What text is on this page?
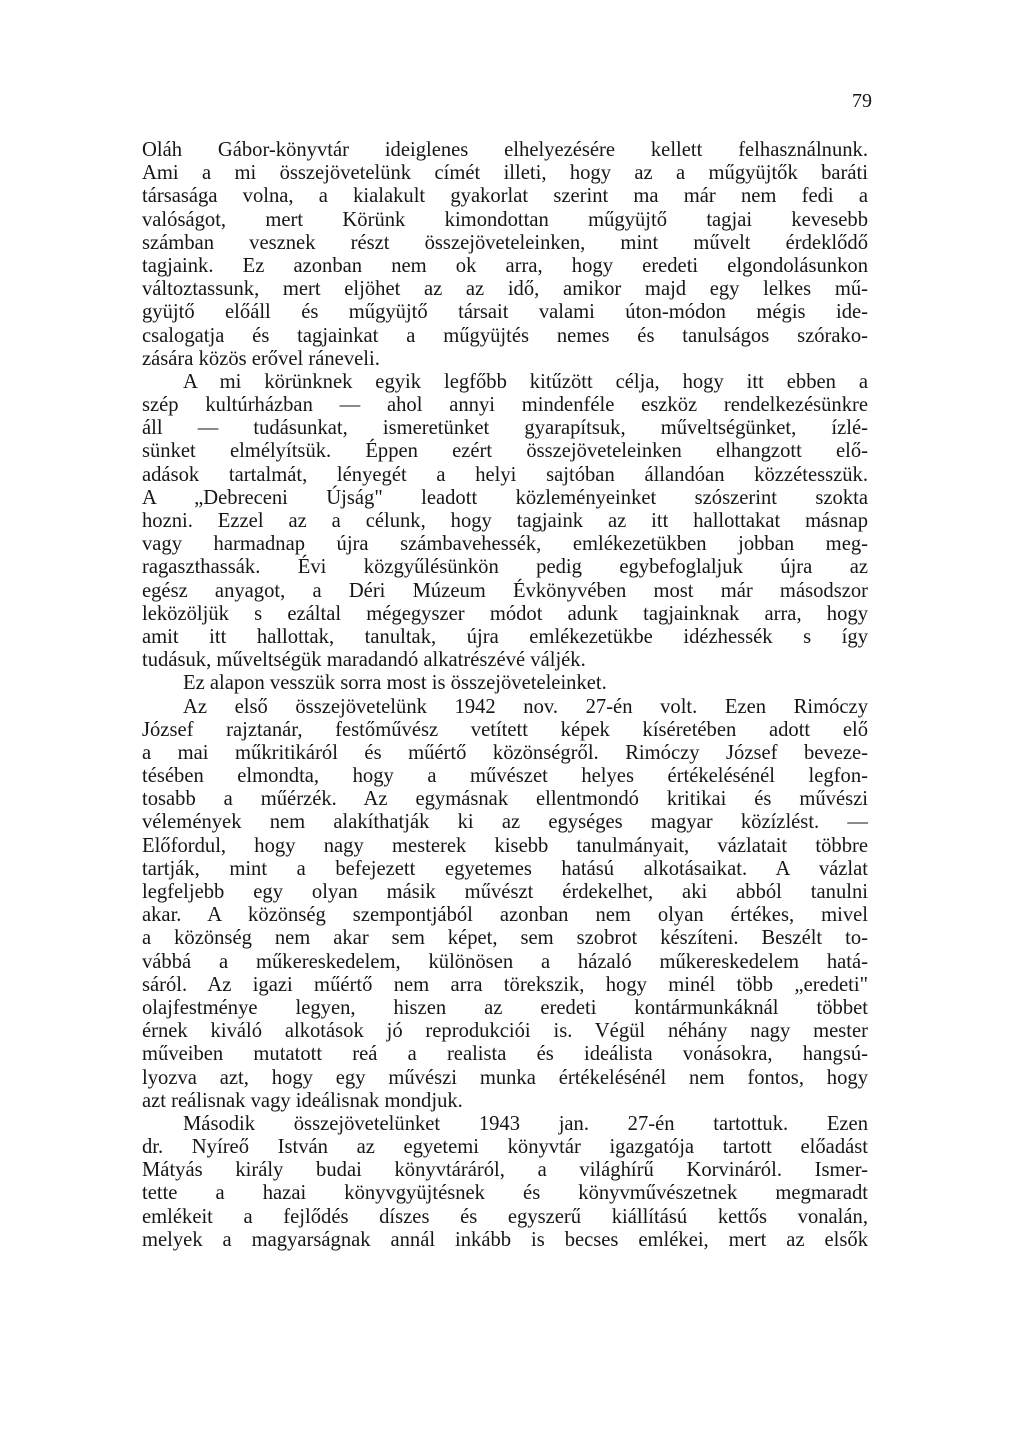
79
Oláh Gábor-könyvtár ideiglenes elhelyezésére kellett felhasználnunk.
Ami a mi összejövetelünk címét illeti, hogy az a műgyüjtők baráti
társasága volna, a kialakult gyakorlat szerint ma már nem fedi a
valóságot, mert Körünk kimondottan műgyüjtő tagjai kevesebb
számban vesznek részt összejöveteleinken, mint művelt érdeklődő
tagjaink. Ez azonban nem ok arra, hogy eredeti elgondolásunkon
változtassunk, mert eljöhet az az idő, amikor majd egy lelkes mű-
gyüjtő előáll és műgyüjtő társait valami úton-módon mégis ide-
csalogatja és tagjainkat a műgyüjtés nemes és tanulságos szórako-
zására közös erővel ráneveli.
A mi körünknek egyik legfőbb kitűzött célja, hogy itt ebben a
szép kultúrházban — ahol annyi mindenféle eszköz rendelkezésünkre
áll — tudásunkat, ismeretünket gyarapítsuk, műveltségünket, ízlé-
sünket elmélyítsük. Éppen ezért összejöveteleinken elhangzott elő-
adások tartalmát, lényegét a helyi sajtóban állandóan közzétesszük.
A „Debreceni Újság" leadott közleményeinket szószerint szokta
hozni. Ezzel az a célunk, hogy tagjaink az itt hallottakat másnap
vagy harmadnap újra számbavehessék, emlékezetükben jobban meg-
ragaszthassák. Évi közgyűlésünkön pedig egybefoglaljuk újra az
egész anyagot, a Déri Múzeum Évkönyvében most már másodszor
leközöljük s ezáltal mégegyszer módot adunk tagjainknak arra, hogy
amit itt hallottak, tanultak, újra emlékezetükbe idézhessék s így
tudásuk, műveltségük maradandó alkatrészévé váljék.
Ez alapon vesszük sorra most is összejöveteleinket.
Az első összejövetelünk 1942 nov. 27-én volt. Ezen Rimóczy
József rajztanár, festőművész vetített képek kíséretében adott elő
a mai műkritikáról és műértő közönségről. Rimóczy József beveze-
tésében elmondta, hogy a művészet helyes értékelésénél legfon-
tosabb a műérzék. Az egymásnak ellentmondó kritikai és művészi
vélemények nem alakíthatják ki az egységes magyar közízlést. —
Előfordul, hogy nagy mesterek kisebb tanulmányait, vázlatait többre
tartják, mint a befejezett egyetemes hatású alkotásaikat. A vázlat
legfeljebb egy olyan másik művészt érdekelhet, aki abból tanulni
akar. A közönség szempontjából azonban nem olyan értékes, mivel
a közönség nem akar sem képet, sem szobrot készíteni. Beszélt to-
vábbá a műkereskedelem, különösen a házaló műkereskedelem hatá-
sáról. Az igazi műértő nem arra törekszik, hogy minél több „eredeti"
olajfestménye legyen, hiszen az eredeti kontármunkáknál többet
érnek kiváló alkotások jó reprodukciói is. Végül néhány nagy mester
műveiben mutatott reá a realista és ideálista vonásokra, hangsú-
lyozva azt, hogy egy művészi munka értékelésénél nem fontos, hogy
azt reálisnak vagy ideálisnak mondjuk.
Második összejövetelünket 1943 jan. 27-én tartottuk. Ezen
dr. Nyíreő István az egyetemi könyvtár igazgatója tartott előadást
Mátyás király budai könyvtáráról, a világhírű Korvináról. Ismer-
tette a hazai könyvgyüjtésnek és könyvművészetnek megmaradt
emlékeit a fejlődés díszes és egyszerű kiállítású kettős vonalán,
melyek a magyarságnak annál inkább is becses emlékei, mert az elsők
